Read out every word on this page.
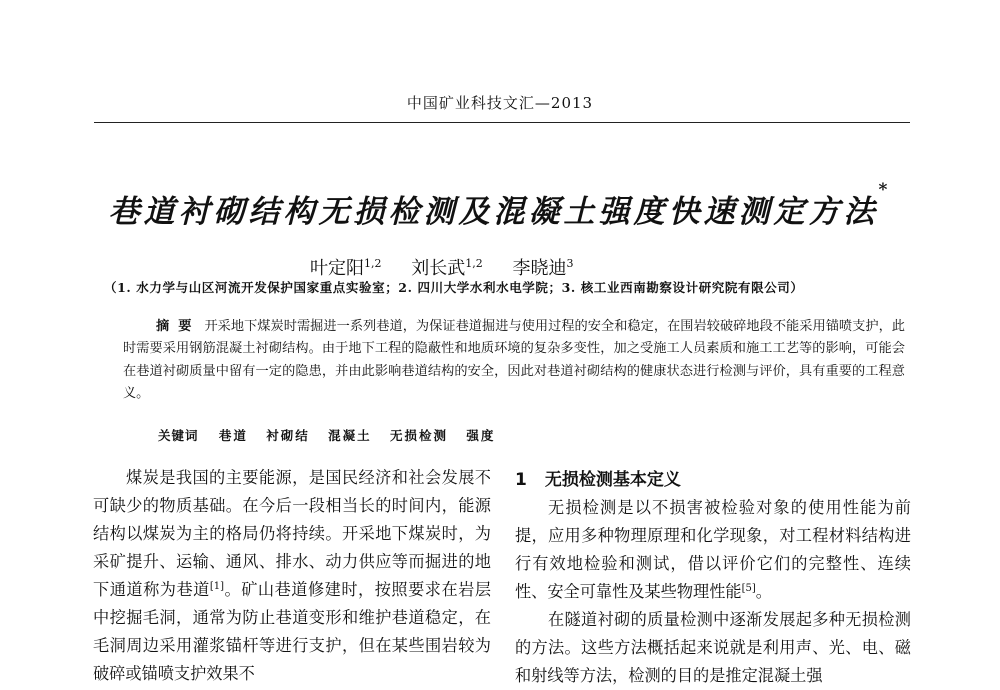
中国矿业科技文汇—2013
巷道衬砌结构无损检测及混凝土强度快速测定方法*
叶定阳$^{1,2}$ 刘长武$^{1,2}$ 李晓迪$^3$
（1. 水力学与山区河流开发保护国家重点实验室；2. 四川大学水利水电学院；3. 核工业西南勘察设计研究院有限公司）
摘要 开采地下煤炭时需掘进一系列巷道，为保证巷道掘进与使用过程的安全和稳定，在围岩较破碎地段不能采用锚喷支护，此时需要采用钢筋混凝土衬砌结构。由于地下工程的隐蔽性和地质环境的复杂多变性，加之受施工人员素质和施工工艺等的影响，可能会在巷道衬砌质量中留有一定的隐患，并由此影响巷道结构的安全，因此对巷道衬砌结构的健康状态进行检测与评价，具有重要的工程意义。
关键词 巷道 衬砌结 混凝土 无损检测 强度
煤炭是我国的主要能源，是国民经济和社会发展不可缺少的物质基础。在今后一段相当长的时间内，能源结构以煤炭为主的格局仍将持续。开采地下煤炭时，为采矿提升、运输、通风、排水、动力供应等而掘进的地下通道称为巷道[1]。矿山巷道修建时，按照要求在岩层中挖掘毛洞，通常为防止巷道变形和维护巷道稳定，在毛洞周边采用灌浆锚杆等进行支护，但在某些围岩较为破碎或锚喷支护效果不
1 无损检测基本定义

无损检测是以不损害被检验对象的使用性能为前提，应用多种物理原理和化学现象，对工程材料结构进行有效地检验和测试，借以评价它们的完整性、连续性、安全可靠性及某些物理性能[5]。

在隧道衬砌的质量检测中逐渐发展起多种无损检测的方法。这些方法概括起来说就是利用声、光、电、磁和射线等方法，检测的目的是推定混凝土强
